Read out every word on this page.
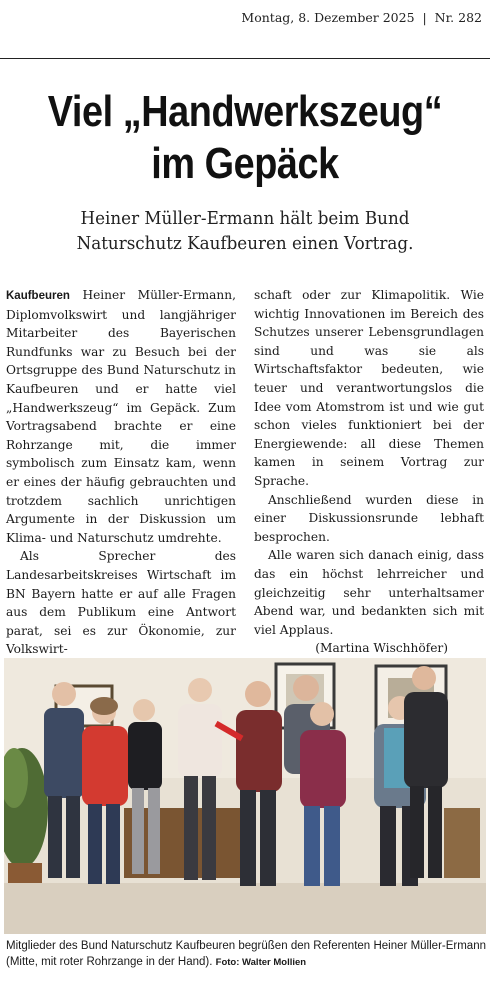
Montag, 8. Dezember 2025  |  Nr. 282
Viel „Handwerkszeug“
im Gepäck
Heiner Müller-Ermann hält beim Bund
Naturschutz Kaufbeuren einen Vortrag.

Kaufbeuren Heiner Müller-Ermann, Diplomvolkswirt und langjähriger Mitarbeiter des Bayerischen Rundfunks war zu Besuch bei der Ortsgruppe des Bund Naturschutz in Kaufbeuren und er hatte viel „Handwerkszeug“ im Gepäck. Zum Vortragsabend brachte er eine Rohrzange mit, die immer symbolisch zum Einsatz kam, wenn er eines der häufig gebrauchten und trotzdem sachlich unrichtigen Argumente in der Diskussion um Klima- und Naturschutz umdrehte.

Als Sprecher des Landesarbeitskreises Wirtschaft im BN Bayern hatte er auf alle Fragen aus dem Publikum eine Antwort parat, sei es zur Ökonomie, zur Volkswirt-

schaft oder zur Klimapolitik. Wie wichtig Innovationen im Bereich des Schutzes unserer Lebensgrundlagen sind und was sie als Wirtschaftsfaktor bedeuten, wie teuer und verantwortungslos die Idee vom Atomstrom ist und wie gut schon vieles funktioniert bei der Energiewende: all diese Themen kamen in seinem Vortrag zur Sprache.

Anschließend wurden diese in einer Diskussionsrunde lebhaft besprochen.

Alle waren sich danach einig, dass das ein höchst lehrreicher und gleichzeitig sehr unterhaltsamer Abend war, und bedankten sich mit viel Applaus.

(Martina Wischhöfer)

Mitglieder des Bund Naturschutz Kaufbeuren begrüßen den Referenten Heiner Müller-Ermann (Mitte, mit roter Rohrzange in der Hand). Foto: Walter Mollien
